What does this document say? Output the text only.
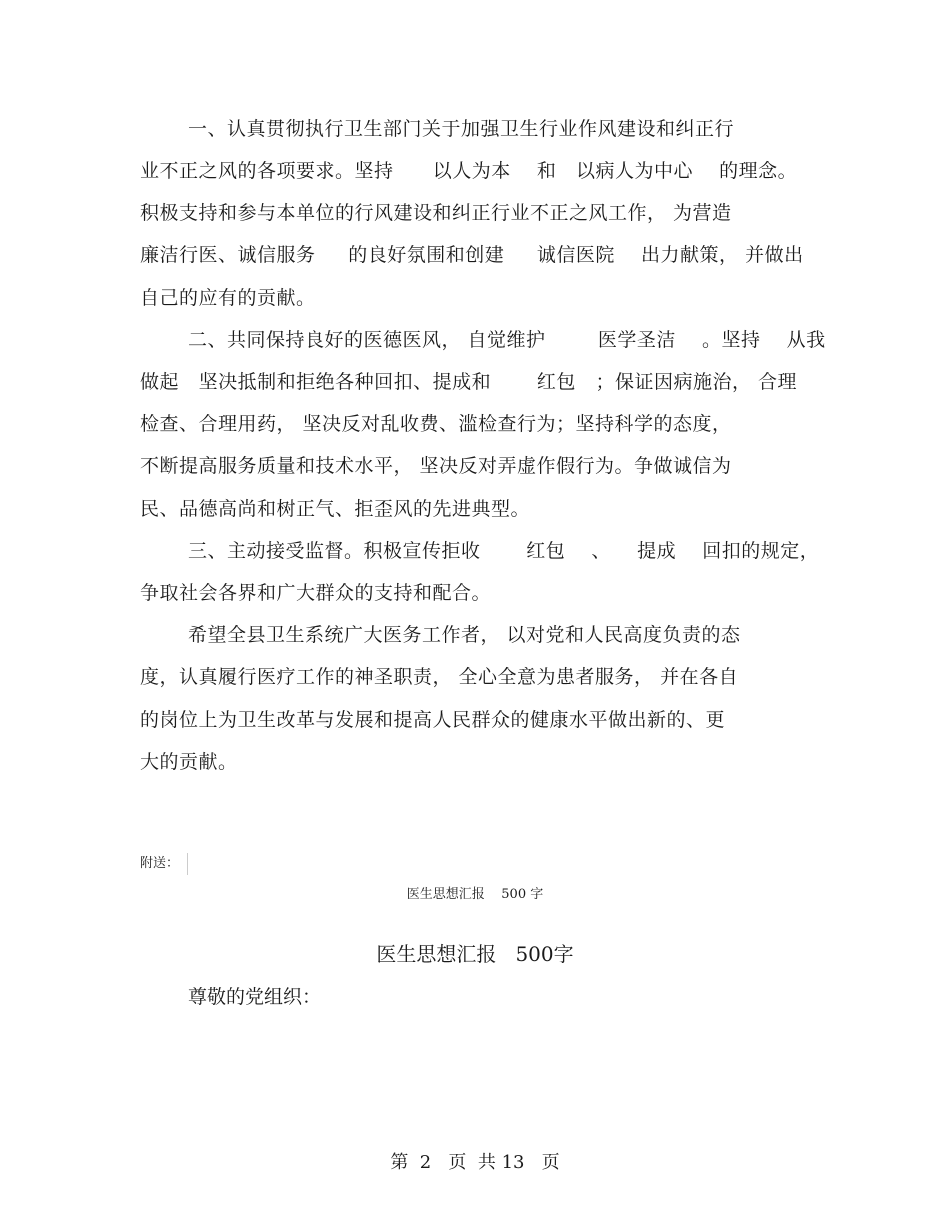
一、认真贯彻执行卫生部门关于加强卫生行业作风建设和纠正行
业不正之风的各项要求。坚持      以人为本    和   以病人为中心    的理念。
积极支持和参与本单位的行风建设和纠正行业不正之风工作， 为营造
廉洁行医、诚信服务     的良好氛围和创建     诚信医院    出力献策， 并做出
自己的应有的贡献。
二、共同保持良好的医德医风， 自觉维护        医学圣洁    。坚持    从我
做起   坚决抵制和拒绝各种回扣、提成和       红包   ；保证因病施治， 合理
检查、合理用药， 坚决反对乱收费、滥检查行为；坚持科学的态度，
不断提高服务质量和技术水平， 坚决反对弄虚作假行为。争做诚信为
民、品德高尚和树正气、拒歪风的先进典型。
三、主动接受监督。积极宣传拒收       红包    、    提成    回扣的规定，
争取社会各界和广大群众的支持和配合。
希望全县卫生系统广大医务工作者， 以对党和人民高度负责的态
度，认真履行医疗工作的神圣职责， 全心全意为患者服务， 并在各自
的岗位上为卫生改革与发展和提高人民群众的健康水平做出新的、更
大的贡献。
附送：
医生思想汇报    500 字
医生思想汇报   500字
尊敬的党组织：
第  2   页  共 13   页
